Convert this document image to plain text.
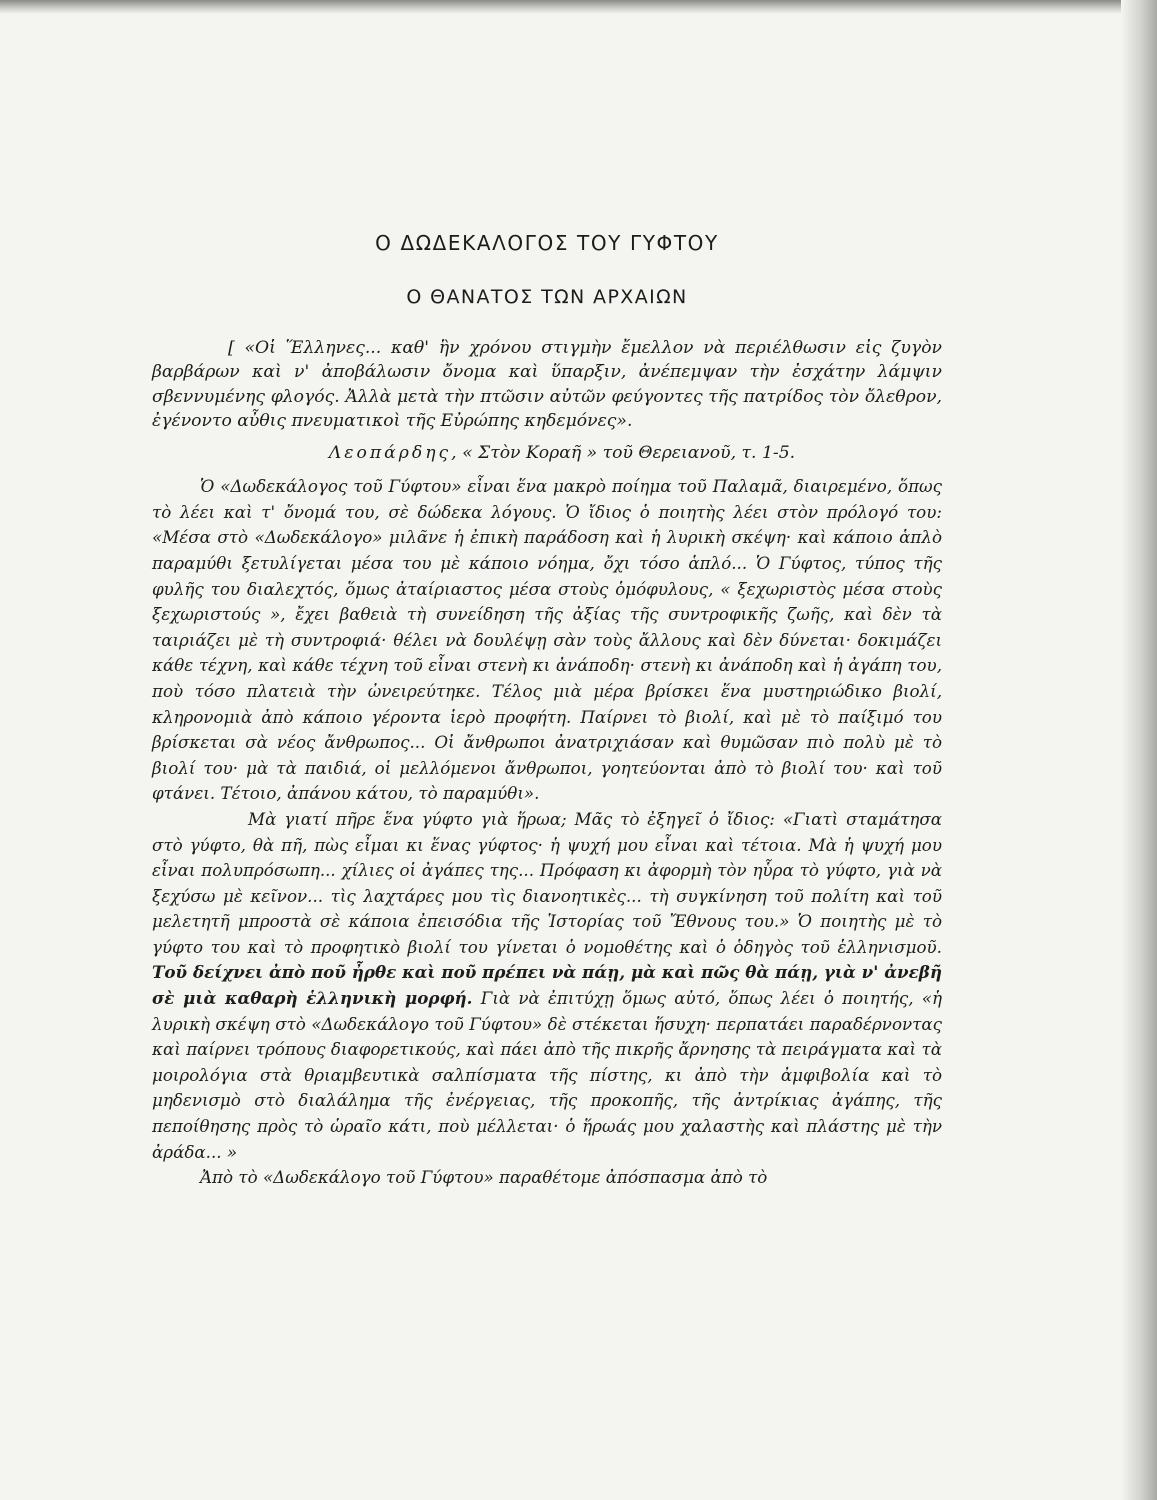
Ο ΔΩΔΕΚΑΛΟΓΟΣ ΤΟΥ ΓΥΦΤΟΥ
Ο ΘΑΝΑΤΟΣ ΤΩΝ ΑΡΧΑΙΩΝ

[ «Οἱ Ἕλληνες... καθ' ἣν χρόνου στιγμὴν ἔμελλον νὰ περιέλθωσιν εἰς ζυγὸν βαρβάρων καὶ ν' ἀποβάλωσιν ὄνομα καὶ ὕπαρξιν, ἀνέπεμψαν τὴν ἐσχάτην λάμψιν σβεννυμένης φλογός. Ἀλλὰ μετὰ τὴν πτῶσιν αὐτῶν φεύγοντες τῆς πατρίδος τὸν ὄλεθρον, ἐγένοντο αὖθις πνευματικοὶ τῆς Εὐρώπης κηδεμόνες».

Λεοπάρδης, « Στὸν Κοραῆ » τοῦ Θερειανοῦ, τ. 1-5.

Ὁ «Δωδεκάλογος τοῦ Γύφτου» εἶναι ἕνα μακρὸ ποίημα τοῦ Παλαμᾶ, διαιρεμένο, ὅπως τὸ λέει καὶ τ' ὄνομά του, σὲ δώδεκα λόγους. Ὁ ἴδιος ὁ ποιητὴς λέει στὸν πρόλογό του: «Μέσα στὸ «Δωδεκάλογο» μιλᾶνε ἡ ἐπικὴ παράδοση καὶ ἡ λυρικὴ σκέψη· καὶ κάποιο ἁπλὸ παραμύθι ξετυλίγεται μέσα του μὲ κάποιο νόημα, ὄχι τόσο ἁπλό... Ὁ Γύφτος, τύπος τῆς φυλῆς του διαλεχτός, ὅμως ἀταίριαστος μέσα στοὺς ὁμόφυλους, « ξεχωριστὸς μέσα στοὺς ξεχωριστούς », ἔχει βαθειὰ τὴ συνείδηση τῆς ἀξίας τῆς συντροφικῆς ζωῆς, καὶ δὲν τὰ ταιριάζει μὲ τὴ συντροφιά· θέλει νὰ δουλέψῃ σὰν τοὺς ἄλλους καὶ δὲν δύνεται· δοκιμάζει κάθε τέχνη, καὶ κάθε τέχνη τοῦ εἶναι στενὴ κι ἀνάποδη· στενὴ κι ἀνάποδη καὶ ἡ ἀγάπη του, ποὺ τόσο πλατειὰ τὴν ὠνειρεύτηκε. Τέλος μιὰ μέρα βρίσκει ἕνα μυστηριώδικο βιολί, κληρονομιὰ ἀπὸ κάποιο γέροντα ἱερὸ προφήτη. Παίρνει τὸ βιολί, καὶ μὲ τὸ παίξιμό του βρίσκεται σὰ νέος ἄνθρωπος... Οἱ ἄνθρωποι ἀνατριχιάσαν καὶ θυμῶσαν πιὸ πολὺ μὲ τὸ βιολί του· μὰ τὰ παιδιά, οἱ μελλόμενοι ἄνθρωποι, γοητεύονται ἀπὸ τὸ βιολί του· καὶ τοῦ φτάνει. Τέτοιο, ἀπάνου κάτου, τὸ παραμύθι».

Μὰ γιατί πῆρε ἕνα γύφτο γιὰ ἥρωα; Μᾶς τὸ ἐξηγεῖ ὁ ἴδιος: «Γιατὶ σταμάτησα στὸ γύφτο, θὰ πῆ, πὼς εἶμαι κι ἕνας γύφτος· ἡ ψυχή μου εἶναι καὶ τέτοια. Μὰ ἡ ψυχή μου εἶναι πολυπρόσωπη... χίλιες οἱ ἀγάπες της... Πρόφαση κι ἀφορμὴ τὸν ηὗρα τὸ γύφτο, γιὰ νὰ ξεχύσω μὲ κεῖνον... τὶς λαχτάρες μου τὶς διανοητικὲς... τὴ συγκίνηση τοῦ πολίτη καὶ τοῦ μελετητῆ μπροστὰ σὲ κάποια ἐπεισόδια τῆς Ἱστορίας τοῦ Ἔθνους του.» Ὁ ποιητὴς μὲ τὸ γύφτο του καὶ τὸ προφητικὸ βιολί του γίνεται ὁ νομοθέτης καὶ ὁ ὁδηγὸς τοῦ ἑλληνισμοῦ. Τοῦ δείχνει ἀπὸ ποῦ ἦρθε καὶ ποῦ πρέπει νὰ πάῃ, μὰ καὶ πῶς θὰ πάῃ, γιὰ ν' ἀνεβῆ σὲ μιὰ καθαρὴ ἑλληνικὴ μορφή. Γιὰ νὰ ἐπιτύχῃ ὅμως αὐτό, ὅπως λέει ὁ ποιητής, «ἡ λυρικὴ σκέψη στὸ «Δωδεκάλογο τοῦ Γύφτου» δὲ στέκεται ἥσυχη· περπατάει παραδέρνοντας καὶ παίρνει τρόπους διαφορετικούς, καὶ πάει ἀπὸ τῆς πικρῆς ἄρνησης τὰ πειράγματα καὶ τὰ μοιρολόγια στὰ θριαμβευτικὰ σαλπίσματα τῆς πίστης, κι ἀπὸ τὴν ἀμφιβολία καὶ τὸ μηδενισμὸ στὸ διαλάλημα τῆς ἐνέργειας, τῆς προκοπῆς, τῆς ἀντρίκιας ἀγάπης, τῆς πεποίθησης πρὸς τὸ ὡραῖο κάτι, ποὺ μέλλεται· ὁ ἥρωάς μου χαλαστὴς καὶ πλάστης μὲ τὴν ἀράδα... »

Ἀπὸ τὸ «Δωδεκάλογο τοῦ Γύφτου» παραθέτομε ἀπόσπασμα ἀπὸ τὸ
